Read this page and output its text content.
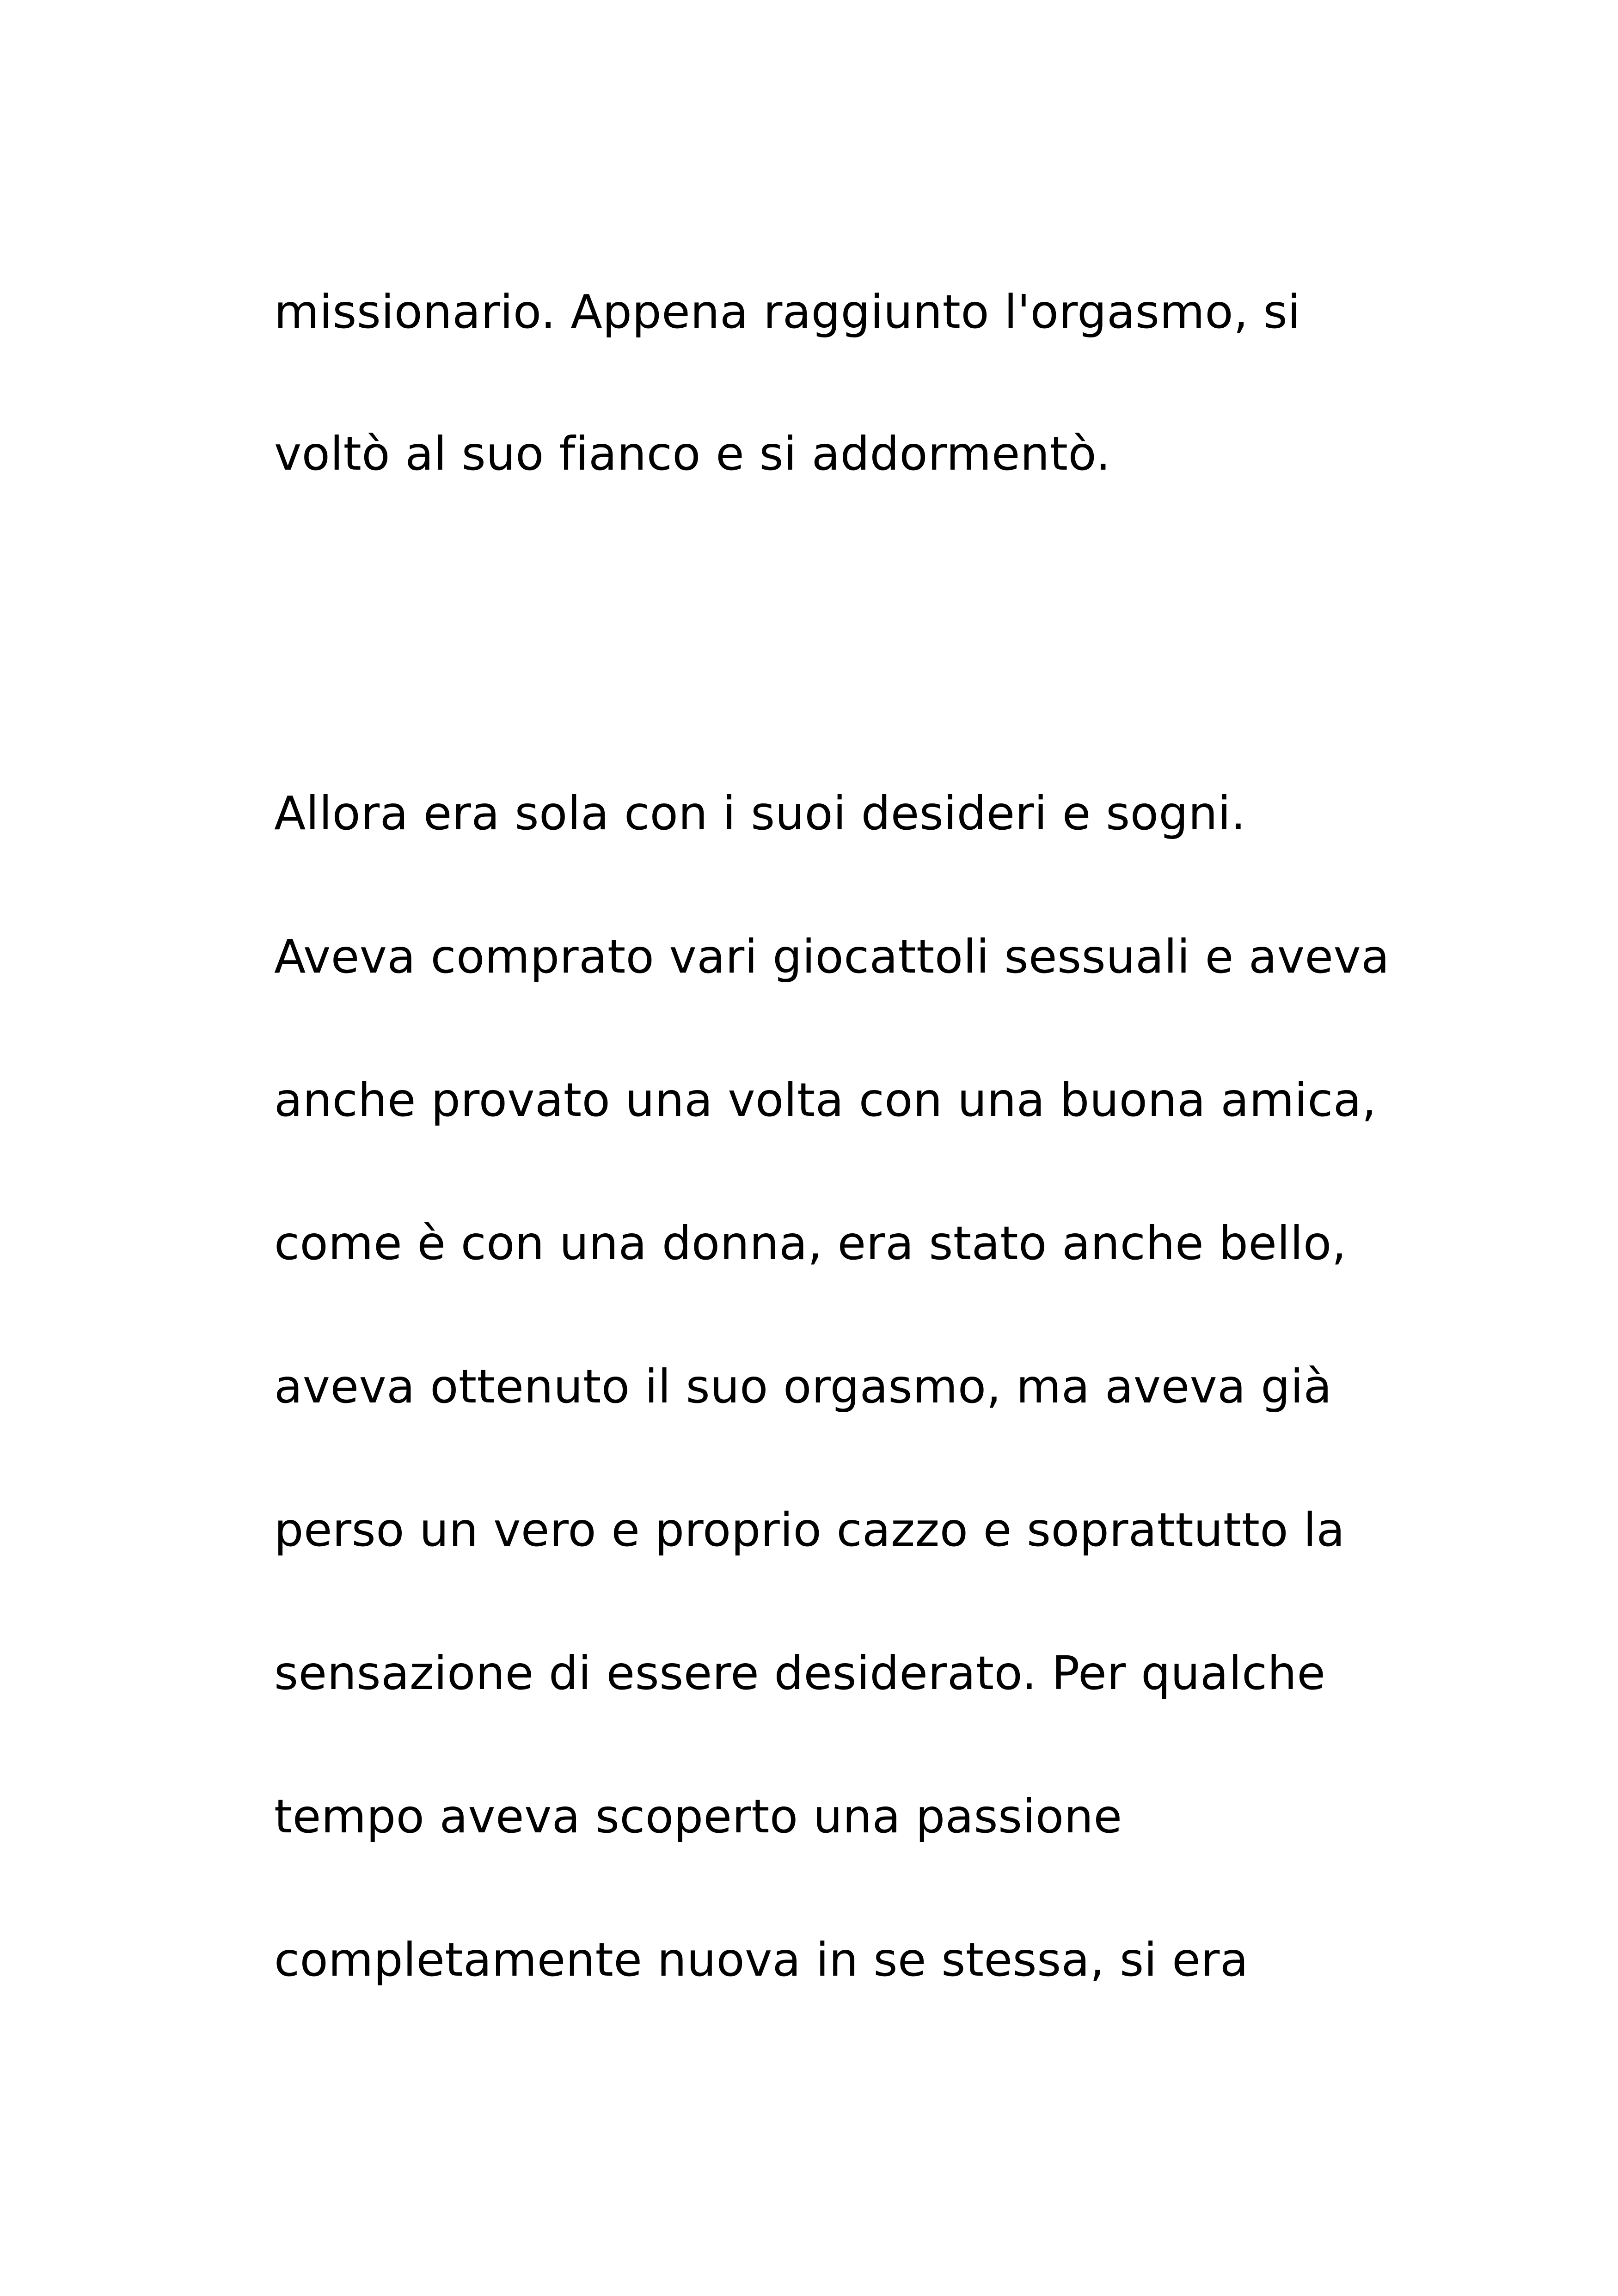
missionario. Appena raggiunto l'orgasmo, si

voltò al suo fianco e si addormentò.

Allora era sola con i suoi desideri e sogni.

Aveva comprato vari giocattoli sessuali e aveva

anche provato una volta con una buona amica,

come è con una donna, era stato anche bello,

aveva ottenuto il suo orgasmo, ma aveva già

perso un vero e proprio cazzo e soprattutto la

sensazione di essere desiderato. Per qualche

tempo aveva scoperto una passione

completamente nuova in se stessa, si era
